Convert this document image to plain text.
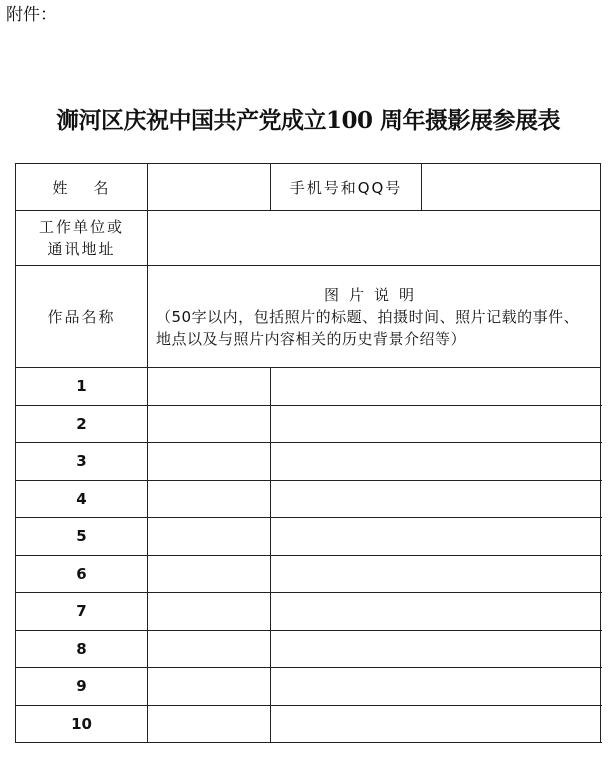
附件：
浉河区庆祝中国共产党成立100 周年摄影展参展表
姓 名		手机号和QQ号	

工作单位或
通讯地址			

作品名称	图片说明
（50字以内，包括照片的标题、拍摄时间、照片记载的事件、地点以及与照片内容相关的历史背景介绍等）		

1			
2			
3			
4			
5			
6			
7			
8			
9			
10			
